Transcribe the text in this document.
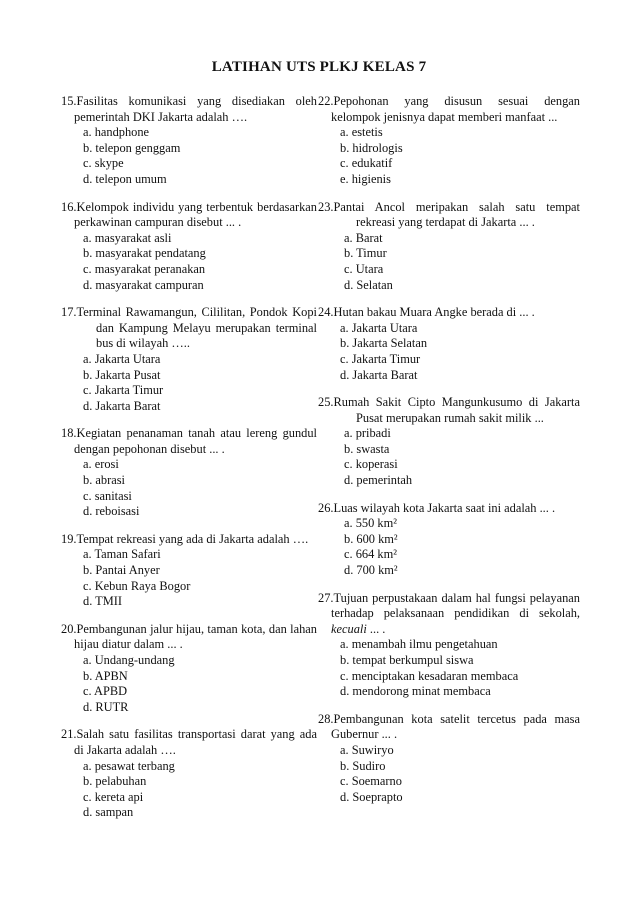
LATIHAN UTS PLKJ KELAS 7
15.Fasilitas komunikasi yang disediakan oleh pemerintah DKI Jakarta adalah ….
a. handphone
b. telepon genggam
c. skype
d. telepon umum
16.Kelompok individu yang terbentuk berdasarkan perkawinan campuran disebut ... .
a. masyarakat asli
b. masyarakat pendatang
c. masyarakat peranakan
d. masyarakat campuran
17.Terminal Rawamangun, Cililitan, Pondok Kopi dan Kampung Melayu merupakan terminal bus di wilayah …..
a. Jakarta Utara
b. Jakarta Pusat
c. Jakarta Timur
d. Jakarta Barat
18.Kegiatan penanaman tanah atau lereng gundul dengan pepohonan disebut ... .
a. erosi
b. abrasi
c. sanitasi
d. reboisasi
19.Tempat rekreasi yang ada di Jakarta adalah ….
a. Taman Safari
b. Pantai Anyer
c. Kebun Raya Bogor
d. TMII
20.Pembangunan jalur hijau, taman kota, dan lahan hijau diatur dalam ... .
a. Undang-undang
b. APBN
c. APBD
d. RUTR
21.Salah satu fasilitas transportasi darat yang ada di Jakarta adalah ….
a. pesawat terbang
b. pelabuhan
c. kereta api
d. sampan
22.Pepohonan yang disusun sesuai dengan kelompok jenisnya dapat memberi manfaat ...
a. estetis
b. hidrologis
c. edukatif
e. higienis
23.Pantai Ancol meripakan salah satu tempat rekreasi yang terdapat di Jakarta ... .
a. Barat
b. Timur
c. Utara
d. Selatan
24.Hutan bakau Muara Angke berada di ... .
a. Jakarta Utara
b. Jakarta Selatan
c. Jakarta Timur
d. Jakarta Barat
25.Rumah Sakit Cipto Mangunkusumo di Jakarta Pusat merupakan rumah sakit milik ...
a. pribadi
b. swasta
c. koperasi
d. pemerintah
26.Luas wilayah kota Jakarta saat ini adalah ... .
a. 550 km²
b. 600 km²
c. 664 km²
d. 700 km²
27.Tujuan perpustakaan dalam hal fungsi pelayanan terhadap pelaksanaan pendidikan di sekolah, kecuali ... .
a. menambah ilmu pengetahuan
b. tempat berkumpul siswa
c. menciptakan kesadaran membaca
d. mendorong minat membaca
28.Pembangunan kota satelit tercetus pada masa Gubernur ... .
a. Suwiryo
b. Sudiro
c. Soemarno
d. Soeprapto
